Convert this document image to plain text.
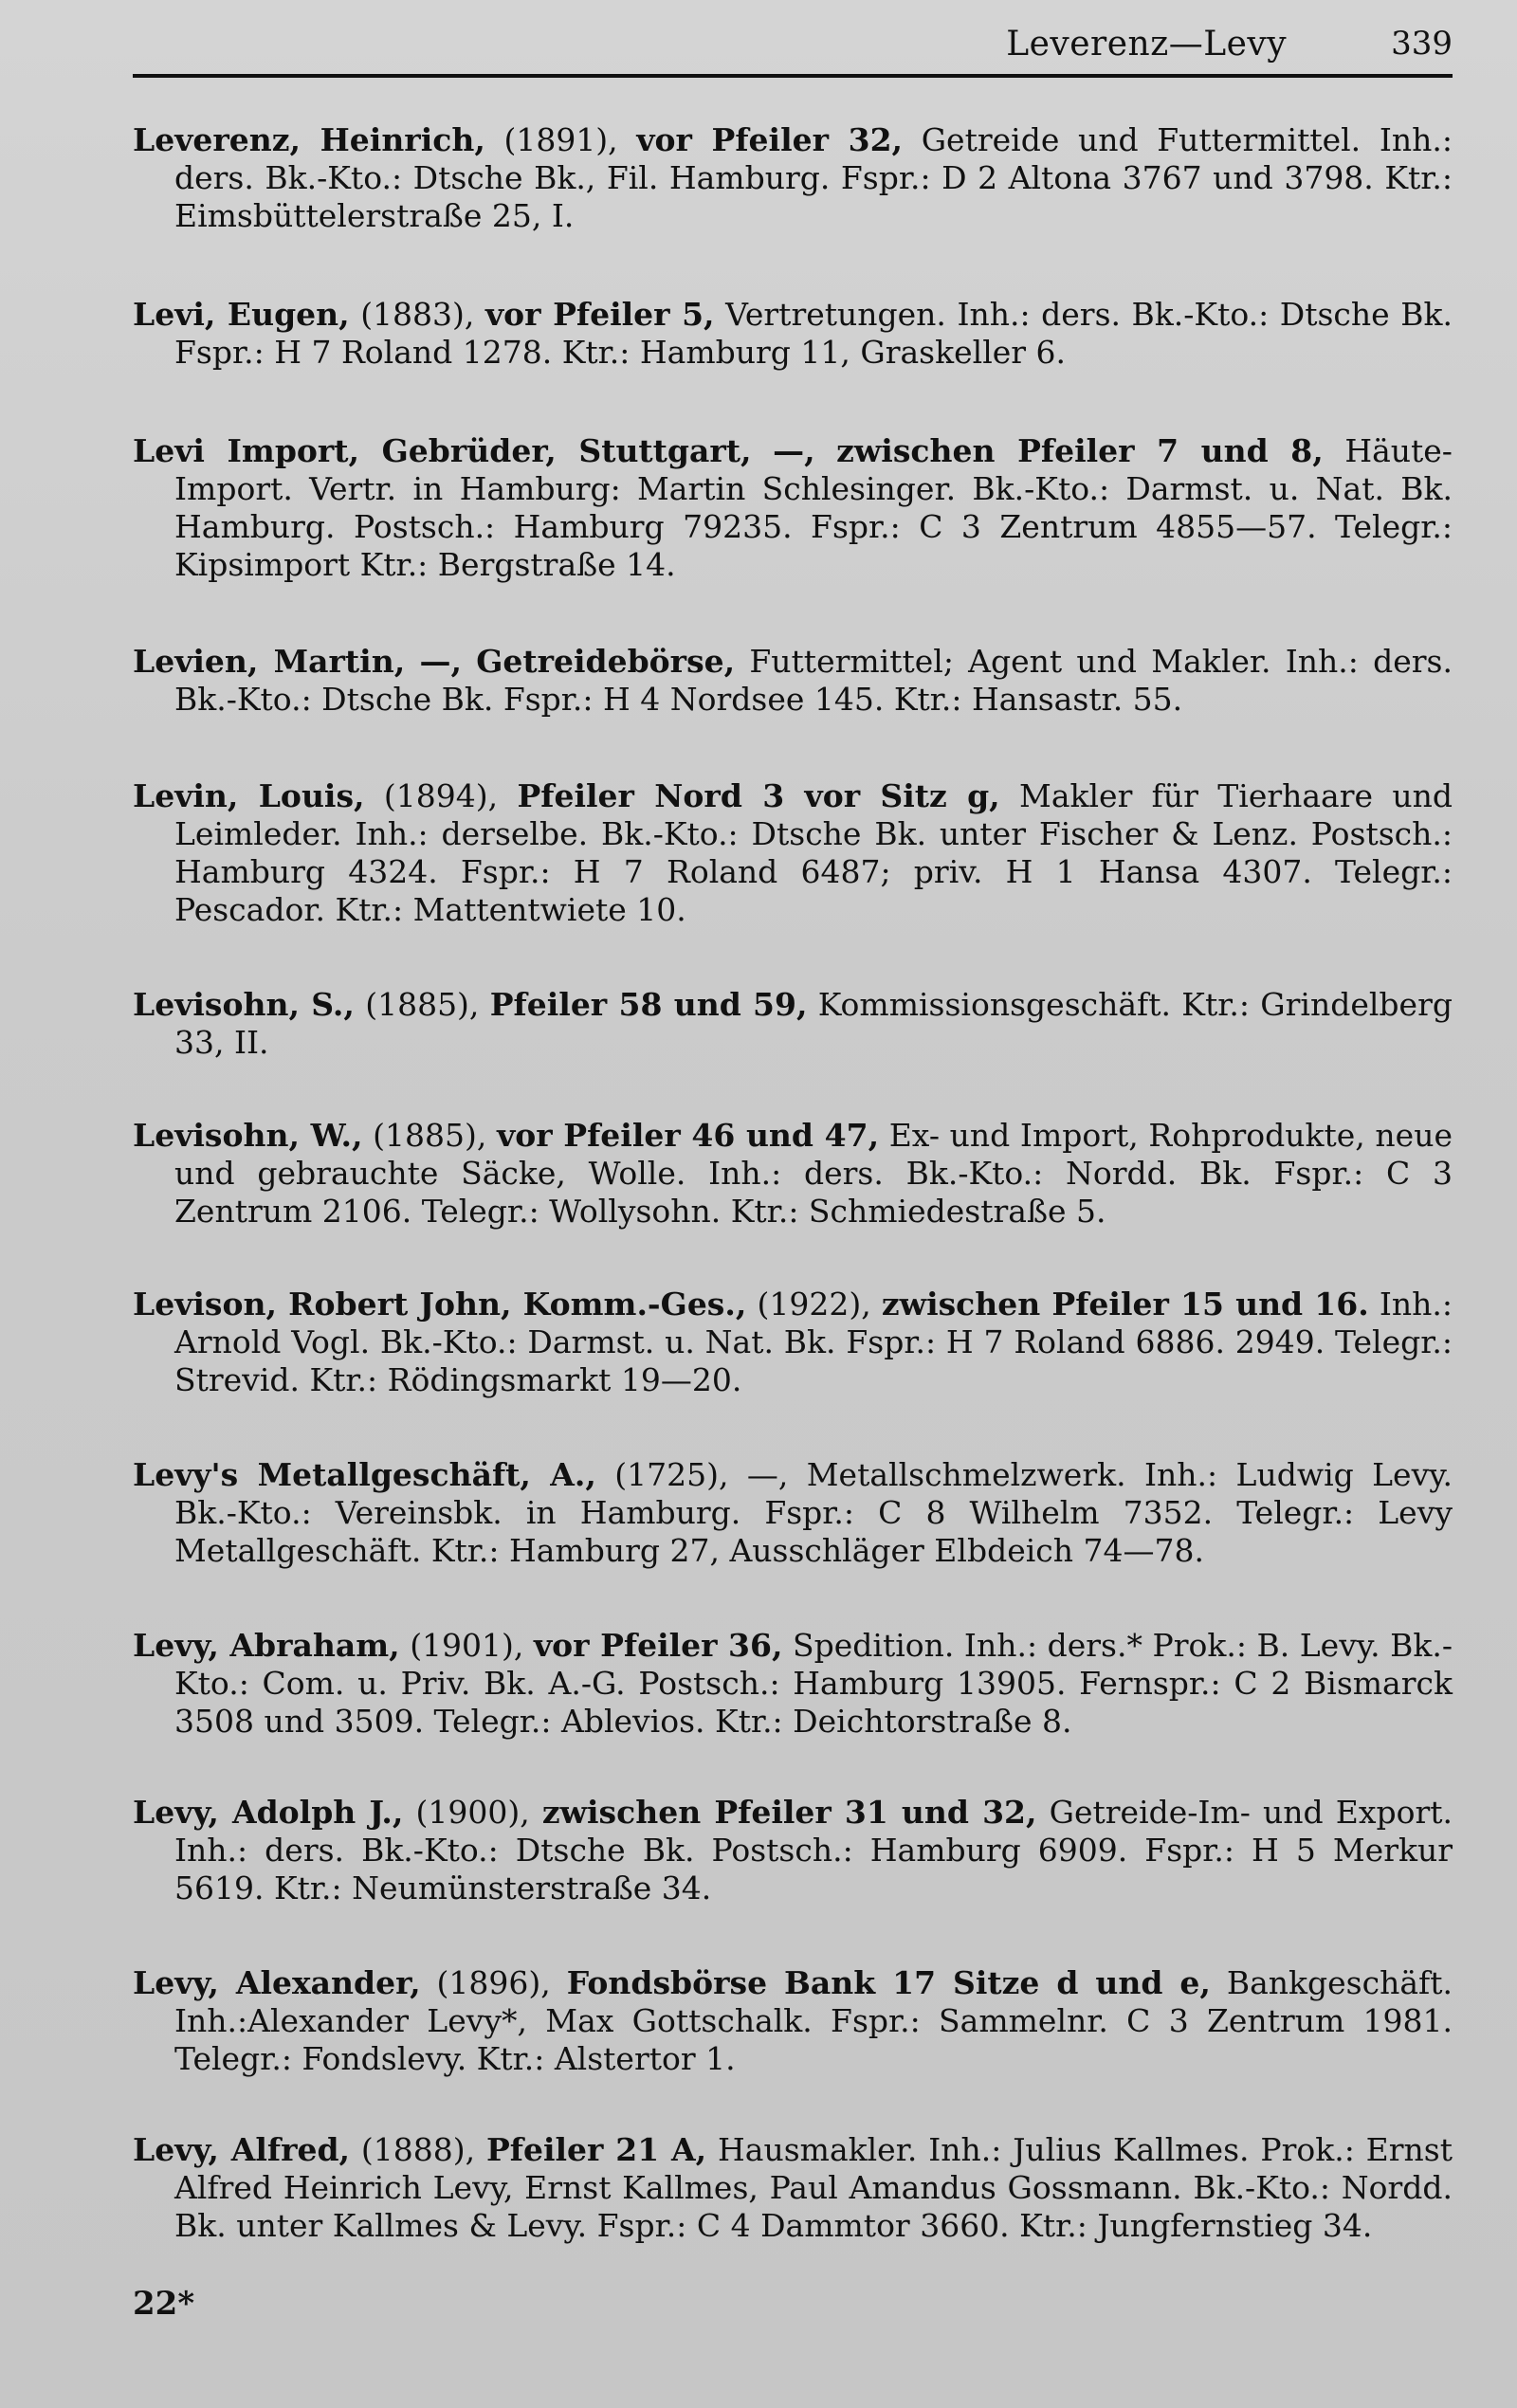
Leverenz—Levy	339
Leverenz, Heinrich, (1891), vor Pfeiler 32, Getreide und Futtermittel. Inh.: ders. Bk.-Kto.: Dtsche Bk., Fil. Hamburg. Fspr.: D 2 Altona 3767 und 3798. Ktr.: Eimsbüttelerstraße 25, I.
Levi, Eugen, (1883), vor Pfeiler 5, Vertretungen. Inh.: ders. Bk.-Kto.: Dtsche Bk. Fspr.: H 7 Roland 1278. Ktr.: Hamburg 11, Graskeller 6.
Levi Import, Gebrüder, Stuttgart, —, zwischen Pfeiler 7 und 8, Häute-Import. Vertr. in Hamburg: Martin Schlesinger. Bk.-Kto.: Darmst. u. Nat. Bk. Hamburg. Postsch.: Hamburg 79235. Fspr.: C 3 Zentrum 4855—57. Telegr.: Kipsimport Ktr.: Bergstraße 14.
Levien, Martin, —, Getreidebörse, Futtermittel; Agent und Makler. Inh.: ders. Bk.-Kto.: Dtsche Bk. Fspr.: H 4 Nordsee 145. Ktr.: Hansastr. 55.
Levin, Louis, (1894), Pfeiler Nord 3 vor Sitz g, Makler für Tierhaare und Leimleder. Inh.: derselbe. Bk.-Kto.: Dtsche Bk. unter Fischer & Lenz. Postsch.: Hamburg 4324. Fspr.: H 7 Roland 6487; priv. H 1 Hansa 4307. Telegr.: Pescador. Ktr.: Mattentwiete 10.
Levisohn, S., (1885), Pfeiler 58 und 59, Kommissionsgeschäft. Ktr.: Grindelberg 33, II.
Levisohn, W., (1885), vor Pfeiler 46 und 47, Ex- und Import, Rohprodukte, neue und gebrauchte Säcke, Wolle. Inh.: ders. Bk.-Kto.: Nordd. Bk. Fspr.: C 3 Zentrum 2106. Telegr.: Wollysohn. Ktr.: Schmiedestraße 5.
Levison, Robert John, Komm.-Ges., (1922), zwischen Pfeiler 15 und 16. Inh.: Arnold Vogl. Bk.-Kto.: Darmst. u. Nat. Bk. Fspr.: H 7 Roland 6886. 2949. Telegr.: Strevid. Ktr.: Rödingsmarkt 19—20.
Levy's Metallgeschäft, A., (1725), —, Metallschmelzwerk. Inh.: Ludwig Levy. Bk.-Kto.: Vereinsbk. in Hamburg. Fspr.: C 8 Wilhelm 7352. Telegr.: Levy Metallgeschäft. Ktr.: Hamburg 27, Ausschläger Elbdeich 74—78.
Levy, Abraham, (1901), vor Pfeiler 36, Spedition. Inh.: ders.* Prok.: B. Levy. Bk.-Kto.: Com. u. Priv. Bk. A.-G. Postsch.: Hamburg 13905. Fernspr.: C 2 Bismarck 3508 und 3509. Telegr.: Ablevios. Ktr.: Deichtorstraße 8.
Levy, Adolph J., (1900), zwischen Pfeiler 31 und 32, Getreide-Im- und Export. Inh.: ders. Bk.-Kto.: Dtsche Bk. Postsch.: Hamburg 6909. Fspr.: H 5 Merkur 5619. Ktr.: Neumünsterstraße 34.
Levy, Alexander, (1896), Fondsbörse Bank 17 Sitze d und e, Bankgeschäft. Inh.:Alexander Levy*, Max Gottschalk. Fspr.: Sammelnr. C 3 Zentrum 1981. Telegr.: Fondslevy. Ktr.: Alstertor 1.
Levy, Alfred, (1888), Pfeiler 21 A, Hausmakler. Inh.: Julius Kallmes. Prok.: Ernst Alfred Heinrich Levy, Ernst Kallmes, Paul Amandus Gossmann. Bk.-Kto.: Nordd. Bk. unter Kallmes & Levy. Fspr.: C 4 Dammtor 3660. Ktr.: Jungfernstieg 34.
22*
